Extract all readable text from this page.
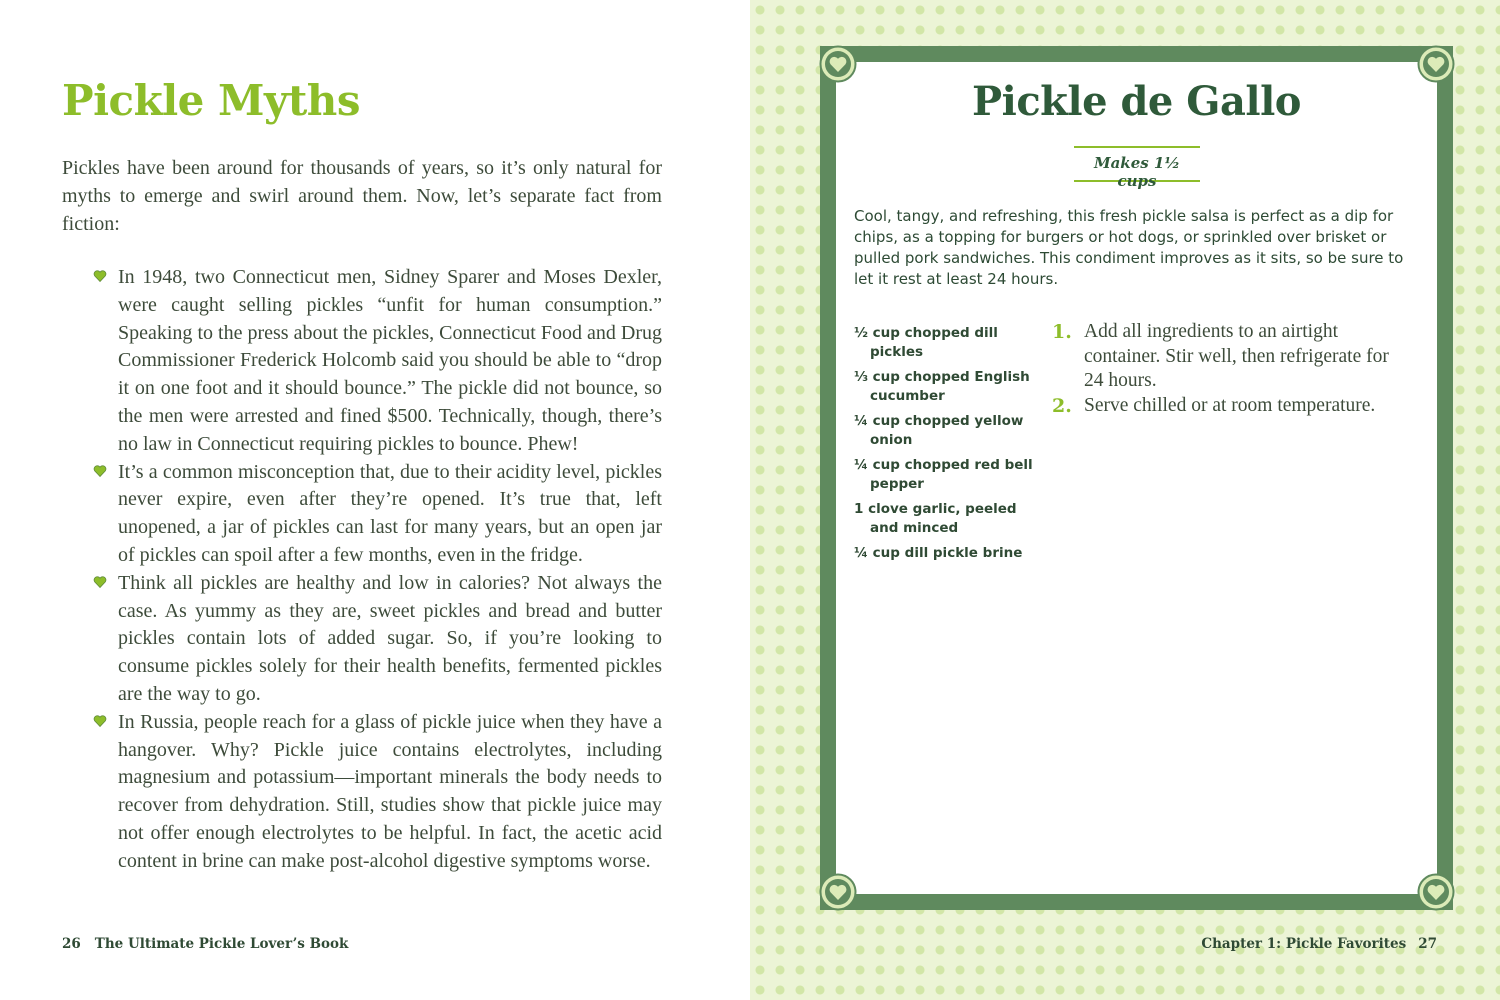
Pickle Myths

Pickles have been around for thousands of years, so it’s only natural for myths to emerge and swirl around them. Now, let’s separate fact from fiction:

In 1948, two Connecticut men, Sidney Sparer and Moses Dexler, were caught selling pickles “unfit for human consumption.” Speaking to the press about the pickles, Connecticut Food and Drug Commissioner Frederick Holcomb said you should be able to “drop it on one foot and it should bounce.” The pickle did not bounce, so the men were arrested and fined $500. Technically, though, there’s no law in Connecticut requiring pickles to bounce. Phew!
It’s a common misconception that, due to their acidity level, pickles never expire, even after they’re opened. It’s true that, left unopened, a jar of pickles can last for many years, but an open jar of pickles can spoil after a few months, even in the fridge.
Think all pickles are healthy and low in calories? Not always the case. As yummy as they are, sweet pickles and bread and butter pickles contain lots of added sugar. So, if you’re looking to consume pickles solely for their health benefits, fermented pickles are the way to go.
In Russia, people reach for a glass of pickle juice when they have a hangover. Why? Pickle juice contains electrolytes, including magnesium and potassium—important minerals the body needs to recover from dehydration. Still, studies show that pickle juice may not offer enough electrolytes to be helpful. In fact, the acetic acid content in brine can make post-alcohol digestive symptoms worse.
26 The Ultimate Pickle Lover’s Book
Pickle de Gallo
Makes 1½ cups

Cool, tangy, and refreshing, this fresh pickle salsa is perfect as a dip for chips, as a topping for burgers or hot dogs, or sprinkled over brisket or pulled pork sandwiches. This condiment improves as it sits, so be sure to let it rest at least 24 hours.

½ cup chopped dill pickles
⅓ cup chopped English cucumber
¼ cup chopped yellow onion
¼ cup chopped red bell pepper
1 clove garlic, peeled and minced
¼ cup dill pickle brine
1. Add all ingredients to an airtight container. Stir well, then refrigerate for 24 hours.
2. Serve chilled or at room temperature.
Chapter 1: Pickle Favorites 27
